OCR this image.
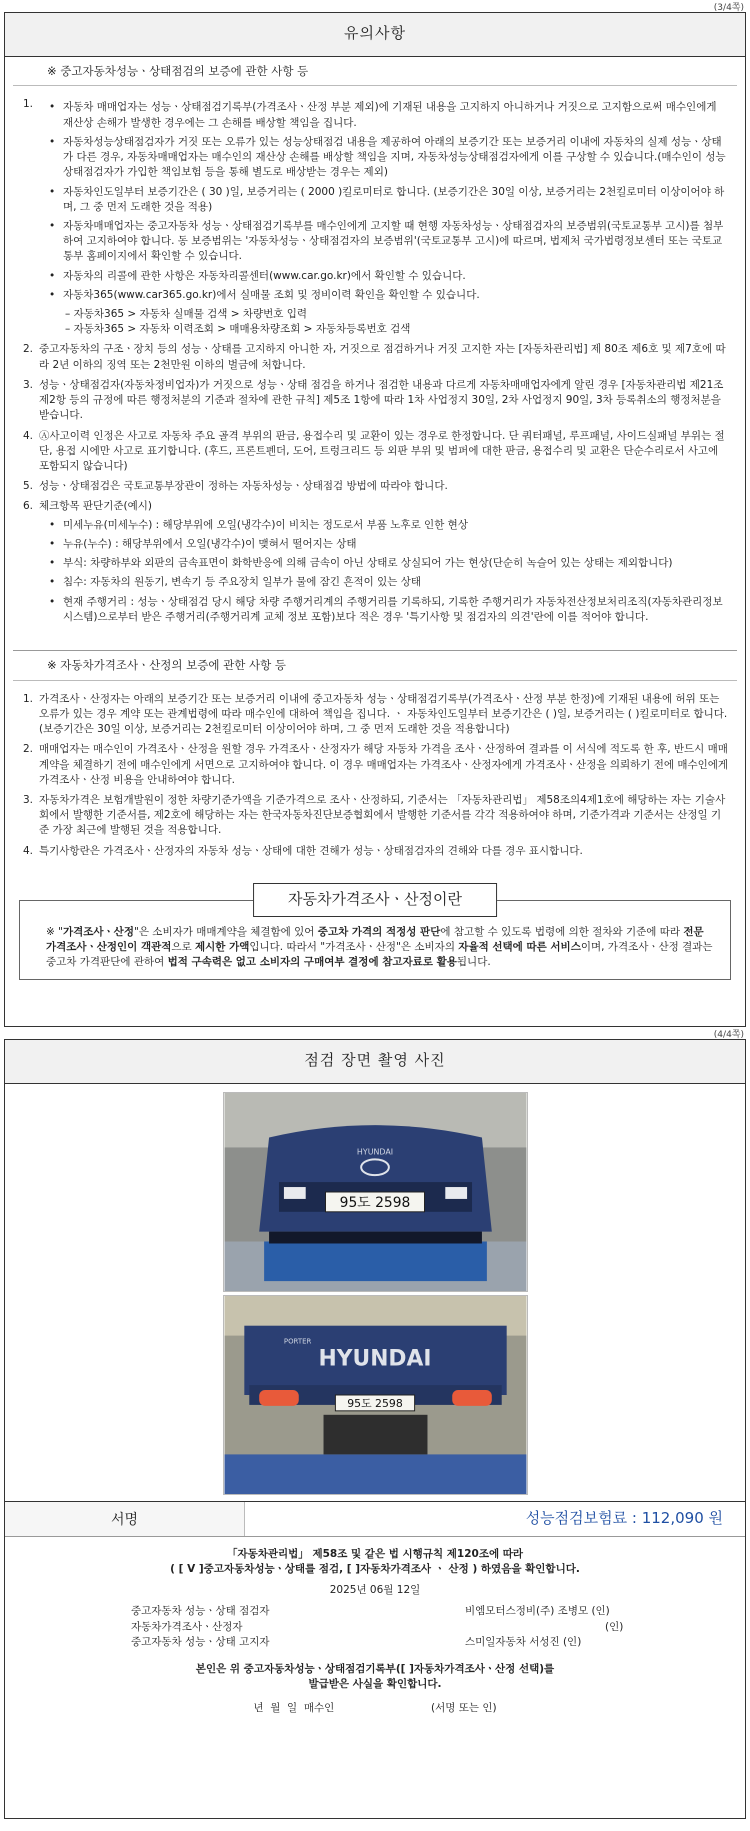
(3/4쪽)
유의사항
※ 중고자동차성능ㆍ상태점검의 보증에 관한 사항 등
1.
•	자동차 매매업자는 성능ㆍ상태점검기록부(가격조사ㆍ산정 부분 제외)에 기재된 내용을 고지하지 아니하거나 거짓으로 고지함으로써 매수인에게 재산상 손해가 발생한 경우에는 그 손해를 배상할 책임을 집니다.
•
자동차성능상태점검자가 거짓 또는 오류가 있는 성능상태점검 내용을 제공하여 아래의 보증기간 또는 보증거리 이내에 자동차의 실제 성능ㆍ상태가 다른 경우, 자동차매매업자는 매수인의 재산상 손해를 배상할 책임을 지며, 자동차성능상태점검자에게 이를 구상할 수 있습니다.(매수인이 성능상태점검자가 가입한 책임보험 등을 통해 별도로 배상받는 경우는 제외)
•
자동차인도일부터 보증기간은 ( 30 )일, 보증거리는 ( 2000 )킬로미터로 합니다. (보증기간은 30일 이상, 보증거리는 2천킬로미터 이상이어야 하며, 그 중 먼저 도래한 것을 적용)
•
자동차매매업자는 중고자동차 성능ㆍ상태점검기록부를 매수인에게 고지할 때 현행 자동차성능ㆍ상태점검자의 보증범위(국토교통부 고시)를 첨부하여 고지하여야 합니다. 동 보증범위는 '자동차성능ㆍ상태점검자의 보증범위'(국토교통부 고시)에 따르며, 법제처 국가법령정보센터 또는 국토교통부 홈페이지에서 확인할 수 있습니다.
•
자동차의 리콜에 관한 사항은 자동차리콜센터(www.car.go.kr)에서 확인할 수 있습니다.
•
자동차365(www.car365.go.kr)에서 실매물 조회 및 정비이력 확인을 확인할 수 있습니다.
– 자동차365 > 자동차 실매물 검색 > 차량번호 입력
– 자동차365 > 자동차 이력조회 > 매매용차량조회 > 자동차등록번호 검색
2. 중고자동차의 구조ㆍ장치 등의 성능ㆍ상태를 고지하지 아니한 자, 거짓으로 점검하거나 거짓 고지한 자는 [자동차관리법] 제 80조 제6호 및 제7호에 따라 2년 이하의 징역 또는 2천만원 이하의 벌금에 처합니다.
3. 성능ㆍ상태점검자(자동차정비업자)가 거짓으로 성능ㆍ상태 점검을 하거나 점검한 내용과 다르게 자동차매매업자에게 알린 경우 [자동차관리법 제21조 제2항 등의 규정에 따른 행정처분의 기준과 절차에 관한 규칙] 제5조 1항에 따라 1차 사업정지 30일, 2차 사업정지 90일, 3차 등록취소의 행정처분을 받습니다.
4. Ⓐ사고이력 인정은 사고로 자동차 주요 골격 부위의 판금, 용접수리 및 교환이 있는 경우로 한정합니다. 단 쿼터패널, 루프패널, 사이드실패널 부위는 절단, 용접 시에만 사고로 표기합니다. (후드, 프론트펜더, 도어, 트렁크리드 등 외판 부위 및 범퍼에 대한 판금, 용접수리 및 교환은 단순수리로서 사고에 포함되지 않습니다)
5. 성능ㆍ상태점검은 국토교통부장관이 정하는 자동차성능ㆍ상태점검 방법에 따라야 합니다.
6. 체크항목 판단기준(예시)
•
미세누유(미세누수) : 해당부위에 오일(냉각수)이 비치는 정도로서 부품 노후로 인한 현상
•
누유(누수) : 해당부위에서 오일(냉각수)이 맺혀서 떨어지는 상태
•
부식: 차량하부와 외판의 금속표면이 화학반응에 의해 금속이 아닌 상태로 상실되어 가는 현상(단순히 녹슬어 있는 상태는 제외합니다)
•
침수: 자동차의 원동기, 변속기 등 주요장치 일부가 물에 잠긴 흔적이 있는 상태
•
현재 주행거리 : 성능ㆍ상태점검 당시 해당 차량 주행거리계의 주행거리를 기록하되, 기록한 주행거리가 자동차전산정보처리조직(자동차관리정보시스템)으로부터 받은 주행거리(주행거리계 교체 정보 포함)보다 적은 경우 '특기사항 및 점검자의 의견'란에 이를 적어야 합니다.
※ 자동차가격조사ㆍ산정의 보증에 관한 사항 등
1. 가격조사ㆍ산정자는 아래의 보증기간 또는 보증거리 이내에 중고자동차 성능ㆍ상태점검기록부(가격조사ㆍ산정 부분 한정)에 기재된 내용에 허위 또는 오류가 있는 경우 계약 또는 관계법령에 따라 매수인에 대하여 책임을 집니다. ㆍ 자동차인도일부터 보증기간은 ( )일, 보증거리는 ( )킬로미터로 합니다. (보증기간은 30일 이상, 보증거리는 2천킬로미터 이상이어야 하며, 그 중 먼저 도래한 것을 적용합니다)
2. 매매업자는 매수인이 가격조사ㆍ산정을 원할 경우 가격조사ㆍ산정자가 해당 자동차 가격을 조사ㆍ산정하여 결과를 이 서식에 적도록 한 후, 반드시 매매계약을 체결하기 전에 매수인에게 서면으로 고지하여야 합니다. 이 경우 매매업자는 가격조사ㆍ산정자에게 가격조사ㆍ산정을 의뢰하기 전에 매수인에게 가격조사ㆍ산정 비용을 안내하여야 합니다.
3. 자동차가격은 보험개발원이 정한 차량기준가액을 기준가격으로 조사ㆍ산정하되, 기준서는 「자동차관리법」 제58조의4제1호에 해당하는 자는 기술사회에서 발행한 기준서를, 제2호에 해당하는 자는 한국자동차진단보증협회에서 발행한 기준서를 각각 적용하여야 하며, 기준가격과 기준서는 산정일 기준 가장 최근에 발행된 것을 적용합니다.
4. 특기사항란은 가격조사ㆍ산정자의 자동차 성능ㆍ상태에 대한 견해가 성능ㆍ상태점검자의 견해와 다를 경우 표시합니다.
자동차가격조사ㆍ산정이란
※ "가격조사ㆍ산정"은 소비자가 매매계약을 체결함에 있어 중고차 가격의 적정성 판단에 참고할 수 있도록 법령에 의한 절차와 기준에 따라 전문 가격조사ㆍ산정인이 객관적으로 제시한 가액입니다. 따라서 "가격조사ㆍ산정"은 소비자의 자율적 선택에 따른 서비스이며, 가격조사ㆍ산정 결과는 중고차 가격판단에 관하여 법적 구속력은 없고 소비자의 구매여부 결정에 참고자료로 활용됩니다.
(4/4쪽)
점검 장면 촬영 사진
95도 2598
HYUNDAI
HYUNDAI
PORTER
95도 2598
서명	성능점검보험료 : 112,090 원
「자동차관리법」 제58조 및 같은 법 시행규칙 제120조에 따라
( [ V ]중고자동차성능ㆍ상태를 점검, [ ]자동차가격조사 ㆍ 산정 ) 하였음을 확인합니다.
2025년 06월 12일
중고자동차 성능ㆍ상태 점검자	비엠모터스정비(주) 조병모 (인)
자동차가격조사ㆍ산정자	(인)
중고자동차 성능ㆍ상태 고지자	스미일자동차 서성진 (인)
본인은 위 중고자동차성능ㆍ상태점검기록부([ ]자동차가격조사ㆍ산정 선택)를
발급받은 사실을 확인합니다.
년  월  일  매수인	(서명 또는 인)
